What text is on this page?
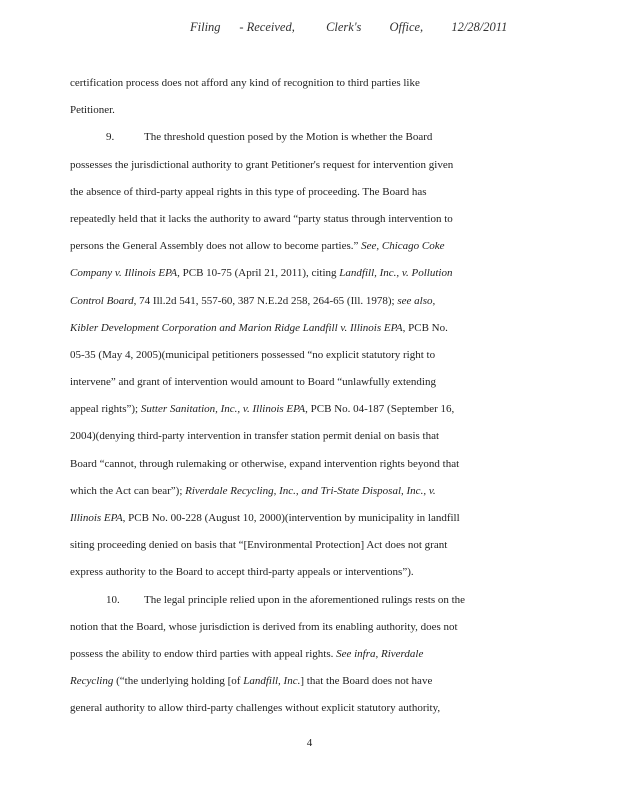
Filing - Received,	Clerk's Office, 12/28/2011
certification process does not afford any kind of recognition to third parties like
Petitioner.
9.	The threshold question posed by the Motion is whether the Board
possesses the jurisdictional authority to grant Petitioner's request for intervention given
the absence of third-party appeal rights in this type of proceeding. The Board has
repeatedly held that it lacks the authority to award “party status through intervention to
persons the General Assembly does not allow to become parties.” See, Chicago Coke
Company v. Illinois EPA, PCB 10-75 (April 21, 2011), citing Landfill, Inc., v. Pollution
Control Board, 74 Ill.2d 541, 557-60, 387 N.E.2d 258, 264-65 (Ill. 1978); see also,
Kibler Development Corporation and Marion Ridge Landfill v. Illinois EPA, PCB No.
05-35 (May 4, 2005)(municipal petitioners possessed “no explicit statutory right to
intervene” and grant of intervention would amount to Board “unlawfully extending
appeal rights”); Sutter Sanitation, Inc., v. Illinois EPA, PCB No. 04-187 (September 16,
2004)(denying third-party intervention in transfer station permit denial on basis that
Board “cannot, through rulemaking or otherwise, expand intervention rights beyond that
which the Act can bear”); Riverdale Recycling, Inc., and Tri-State Disposal, Inc., v.
Illinois EPA, PCB No. 00-228 (August 10, 2000)(intervention by municipality in landfill
siting proceeding denied on basis that “[Environmental Protection] Act does not grant
express authority to the Board to accept third-party appeals or interventions”).
10. The legal principle relied upon in the aforementioned rulings rests on the
notion that the Board, whose jurisdiction is derived from its enabling authority, does not
possess the ability to endow third parties with appeal rights. See infra, Riverdale
Recycling (“the underlying holding [of Landfill, Inc.] that the Board does not have
general authority to allow third-party challenges without explicit statutory authority,
4
